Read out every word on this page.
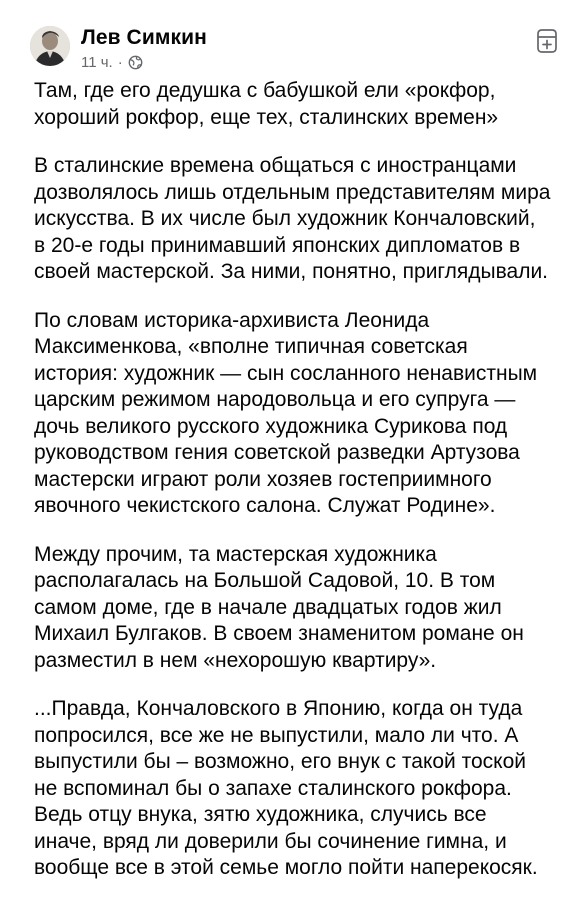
Лев Симкин
11 ч. ·

Там, где его дедушка с бабушкой ели «рокфор,
хороший рокфор, еще тех, сталинских времен»

В сталинские времена общаться с иностранцами
дозволялось лишь отдельным представителям мира
искусства. В их числе был художник Кончаловский,
в 20-е годы принимавший японских дипломатов в
своей мастерской. За ними, понятно, приглядывали.

По словам историка-архивиста Леонида
Максименкова, «вполне типичная советская
история: художник — сын сосланного ненавистным
царским режимом народовольца и его супруга —
дочь великого русского художника Сурикова под
руководством гения советской разведки Артузова
мастерски играют роли хозяев гостеприимного
явочного чекистского салона. Служат Родине».

Между прочим, та мастерская художника
располагалась на Большой Садовой, 10. В том
самом доме, где в начале двадцатых годов жил
Михаил Булгаков. В своем знаменитом романе он
разместил в нем «нехорошую квартиру».

...Правда, Кончаловского в Японию, когда он туда
попросился, все же не выпустили, мало ли что. А
выпустили бы – возможно, его внук с такой тоской
не вспоминал бы о запахе сталинского рокфора.
Ведь отцу внука, зятю художника, случись все
иначе, вряд ли доверили бы сочинение гимна, и
вообще все в этой семье могло пойти наперекосяк.
